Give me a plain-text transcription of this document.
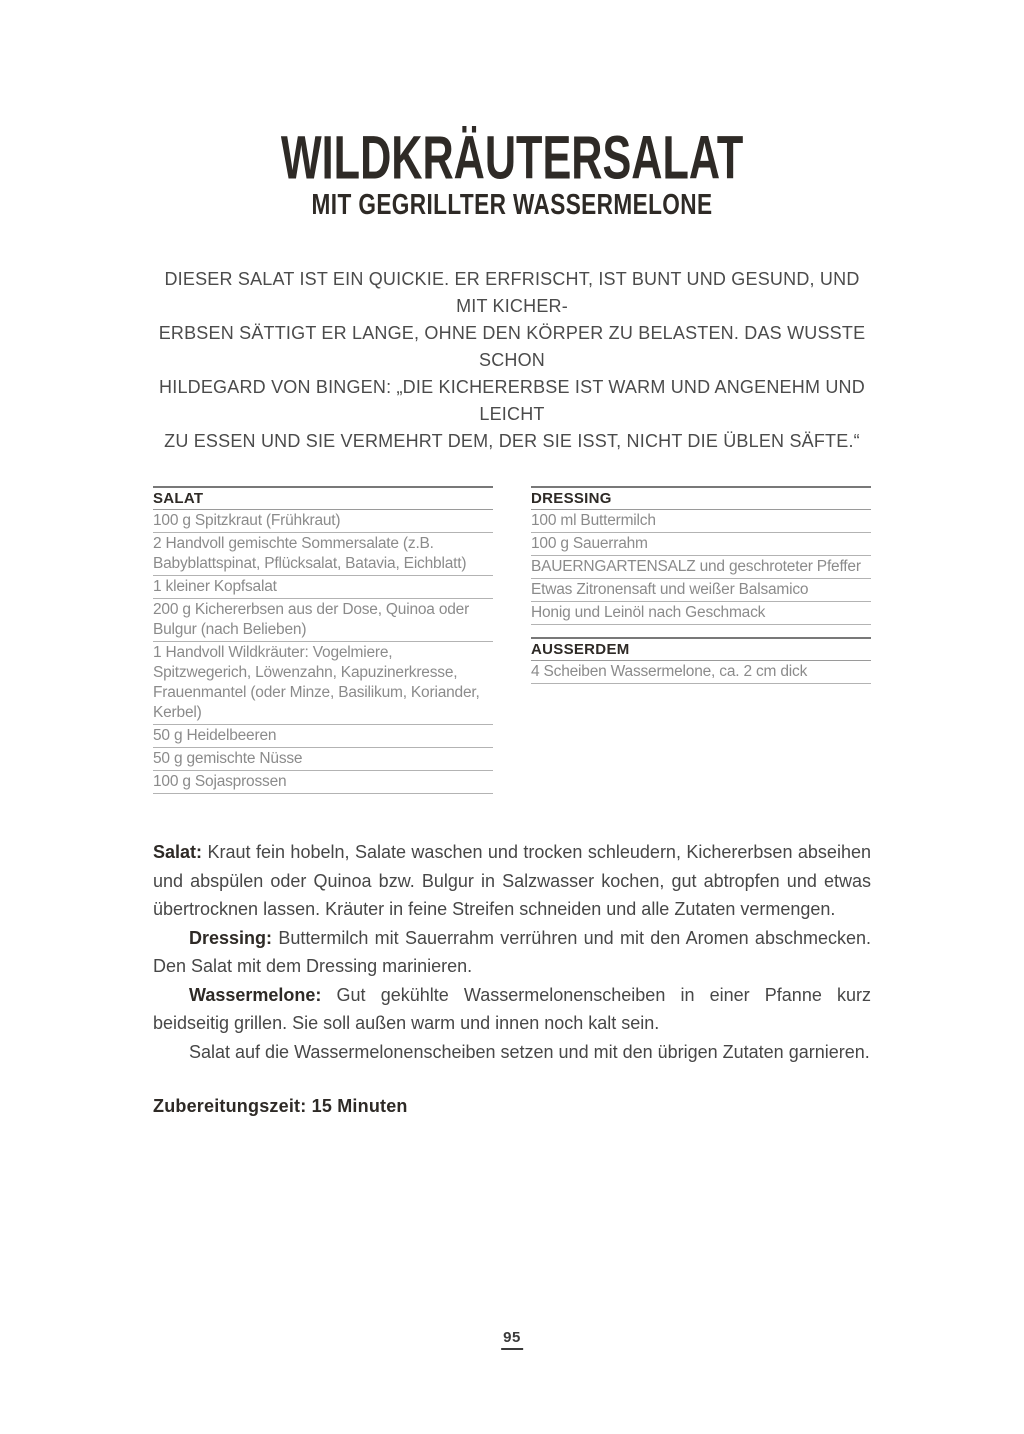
WILDKRÄUTERSALAT
MIT GEGRILLTER WASSERMELONE
DIESER SALAT IST EIN QUICKIE. ER ERFRISCHT, IST BUNT UND GESUND, UND MIT KICHER-
ERBSEN SÄTTIGT ER LANGE, OHNE DEN KÖRPER ZU BELASTEN. DAS WUSSTE SCHON
HILDEGARD VON BINGEN: „DIE KICHERERBSE IST WARM UND ANGENEHM UND LEICHT
ZU ESSEN UND SIE VERMEHRT DEM, DER SIE ISST, NICHT DIE ÜBLEN SÄFTE.“
SALAT
100 g Spitzkraut (Frühkraut)
2 Handvoll gemischte Sommersalate (z.B. Babyblattspinat, Pflücksalat, Batavia, Eichblatt)
1 kleiner Kopfsalat
200 g Kichererbsen aus der Dose, Quinoa oder Bulgur (nach Belieben)
1 Handvoll Wildkräuter: Vogelmiere, Spitzwegerich, Löwenzahn, Kapuzinerkresse, Frauenmantel (oder Minze, Basilikum, Koriander, Kerbel)
50 g Heidelbeeren
50 g gemischte Nüsse
100 g Sojasprossen
DRESSING
100 ml Buttermilch
100 g Sauerrahm
BAUERNGARTENSALZ und geschroteter Pfeffer
Etwas Zitronensaft und weißer Balsamico
Honig und Leinöl nach Geschmack
AUSSERDEM
4 Scheiben Wassermelone, ca. 2 cm dick

Salat: Kraut fein hobeln, Salate waschen und trocken schleudern, Kichererbsen abseihen und abspülen oder Quinoa bzw. Bulgur in Salzwasser kochen, gut abtropfen und etwas übertrocknen lassen. Kräuter in feine Streifen schneiden und alle Zutaten vermengen.

Dressing: Buttermilch mit Sauerrahm verrühren und mit den Aromen abschmecken. Den Salat mit dem Dressing marinieren.

Wassermelone: Gut gekühlte Wassermelonenscheiben in einer Pfanne kurz beidseitig grillen. Sie soll außen warm und innen noch kalt sein.

Salat auf die Wassermelonenscheiben setzen und mit den übrigen Zutaten garnieren.

Zubereitungszeit: 15 Minuten

95
